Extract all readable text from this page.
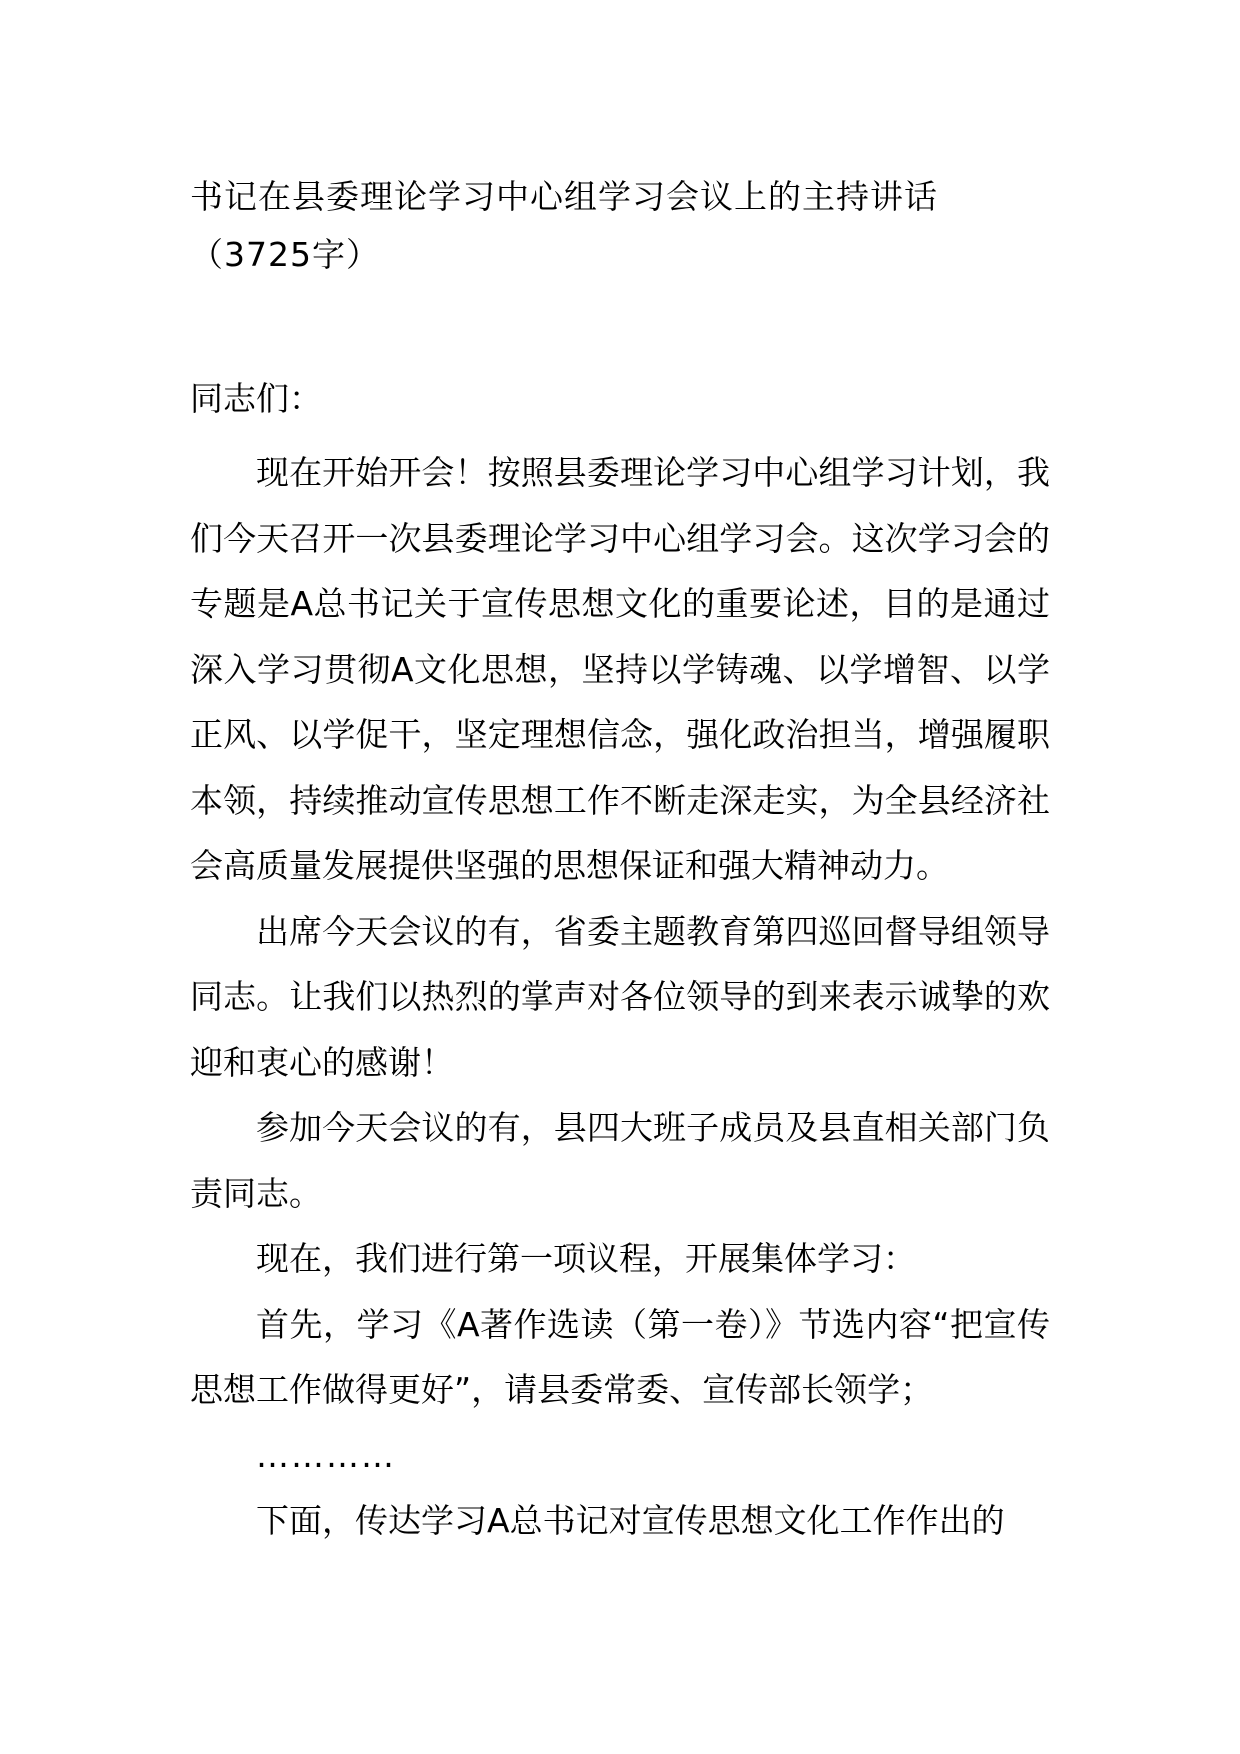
书记在县委理论学习中心组学习会议上的主持讲话（3725字）

同志们：

现在开始开会！按照县委理论学习中心组学习计划，我们今天召开一次县委理论学习中心组学习会。这次学习会的专题是A总书记关于宣传思想文化的重要论述，目的是通过深入学习贯彻A文化思想，坚持以学铸魂、以学增智、以学正风、以学促干，坚定理想信念，强化政治担当，增强履职本领，持续推动宣传思想工作不断走深走实，为全县经济社会高质量发展提供坚强的思想保证和强大精神动力。

出席今天会议的有，省委主题教育第四巡回督导组领导同志。让我们以热烈的掌声对各位领导的到来表示诚挚的欢迎和衷心的感谢！

参加今天会议的有，县四大班子成员及县直相关部门负责同志。

现在，我们进行第一项议程，开展集体学习：

首先，学习《A著作选读（第一卷）》节选内容“把宣传思想工作做得更好”，请县委常委、宣传部长领学；

…………

下面，传达学习A总书记对宣传思想文化工作作出的
